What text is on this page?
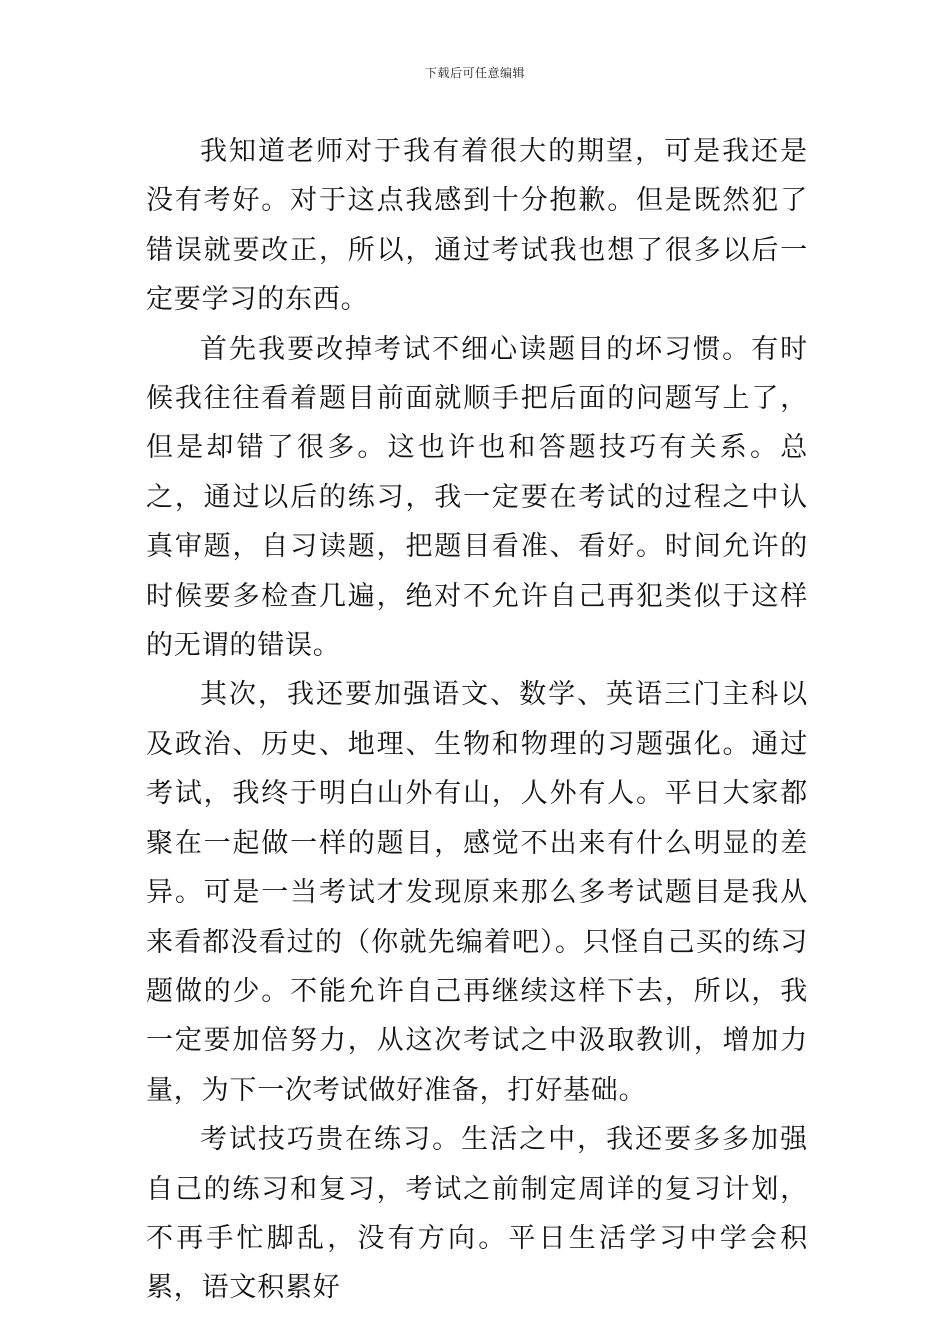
下载后可任意编辑

我知道老师对于我有着很大的期望，可是我还是没有考好。对于这点我感到十分抱歉。但是既然犯了错误就要改正，所以，通过考试我也想了很多以后一定要学习的东西。

首先我要改掉考试不细心读题目的坏习惯。有时候我往往看着题目前面就顺手把后面的问题写上了，但是却错了很多。这也许也和答题技巧有关系。总之，通过以后的练习，我一定要在考试的过程之中认真审题，自习读题，把题目看准、看好。时间允许的时候要多检查几遍，绝对不允许自己再犯类似于这样的无谓的错误。

其次，我还要加强语文、数学、英语三门主科以及政治、历史、地理、生物和物理的习题强化。通过考试，我终于明白山外有山，人外有人。平日大家都聚在一起做一样的题目，感觉不出来有什么明显的差异。可是一当考试才发现原来那么多考试题目是我从来看都没看过的（你就先编着吧）。只怪自己买的练习题做的少。不能允许自己再继续这样下去，所以，我一定要加倍努力，从这次考试之中汲取教训，增加力量，为下一次考试做好准备，打好基础。

考试技巧贵在练习。生活之中，我还要多多加强自己的练习和复习，考试之前制定周详的复习计划，不再手忙脚乱，没有方向。平日生活学习中学会积累，语文积累好
